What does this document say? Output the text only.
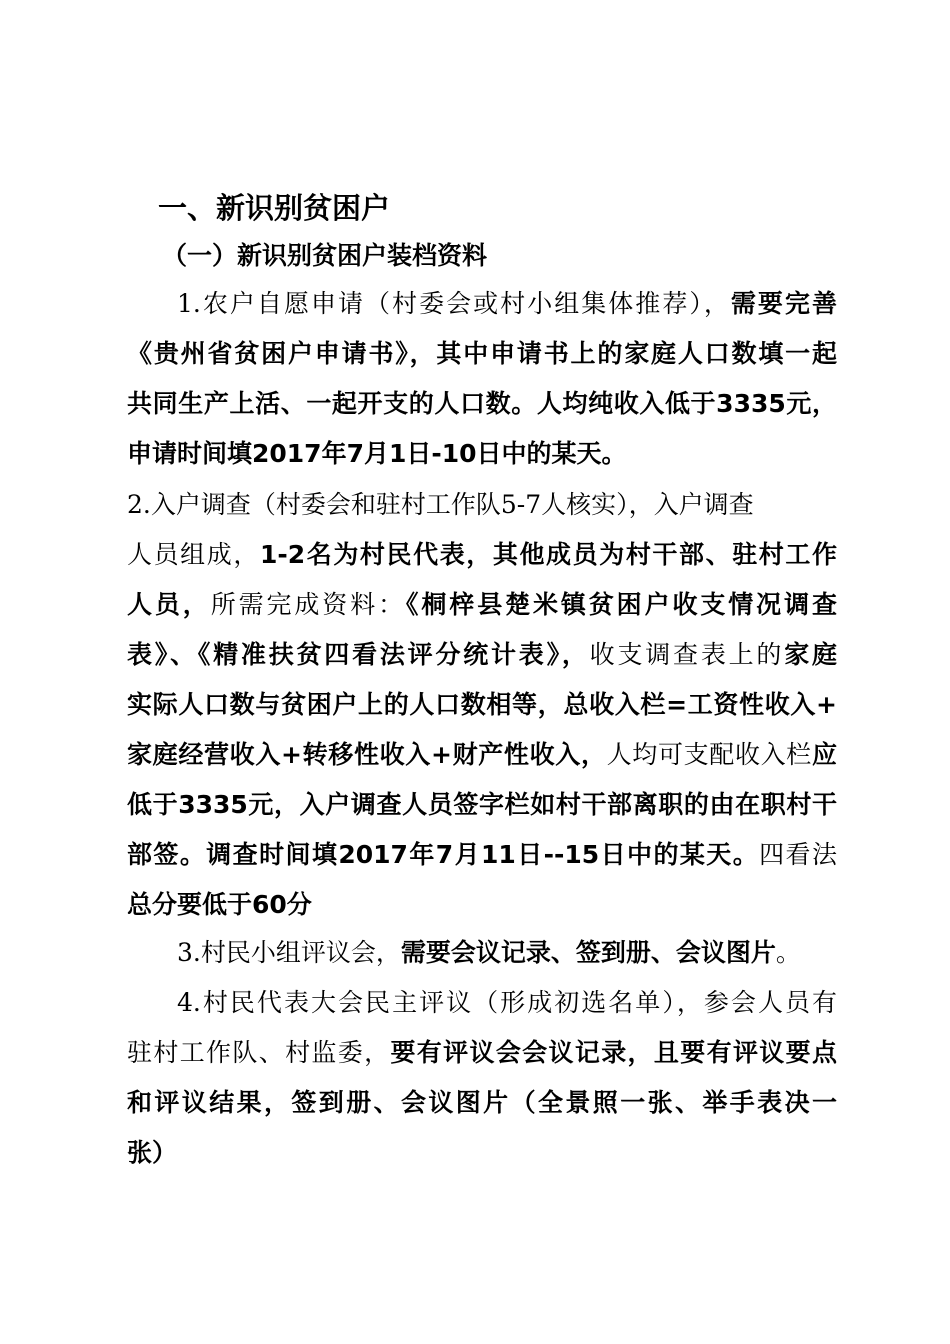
一、新识别贫困户
（一）新识别贫困户装档资料
1.农户自愿申请（村委会或村小组集体推荐），需要完善
《贵州省贫困户申请书》，其中申请书上的家庭人口数填一起
共同生产上活、一起开支的人口数。人均纯收入低于3335元，
申请时间填2017年7月1日-10日中的某天。
2.入户调查（村委会和驻村工作队5-7人核实），入户调查
人员组成，1-2名为村民代表，其他成员为村干部、驻村工作
人员，所需完成资料：《桐梓县楚米镇贫困户收支情况调查
表》、《精准扶贫四看法评分统计表》，收支调查表上的家庭
实际人口数与贫困户上的人口数相等，总收入栏=工资性收入+
家庭经营收入+转移性收入+财产性收入，人均可支配收入栏应
低于3335元，入户调查人员签字栏如村干部离职的由在职村干
部签。调查时间填2017年7月11日--15日中的某天。四看法
总分要低于60分
3.村民小组评议会，需要会议记录、签到册、会议图片。
4.村民代表大会民主评议（形成初选名单），参会人员有
驻村工作队、村监委，要有评议会会议记录，且要有评议要点
和评议结果，签到册、会议图片（全景照一张、举手表决一
张）
